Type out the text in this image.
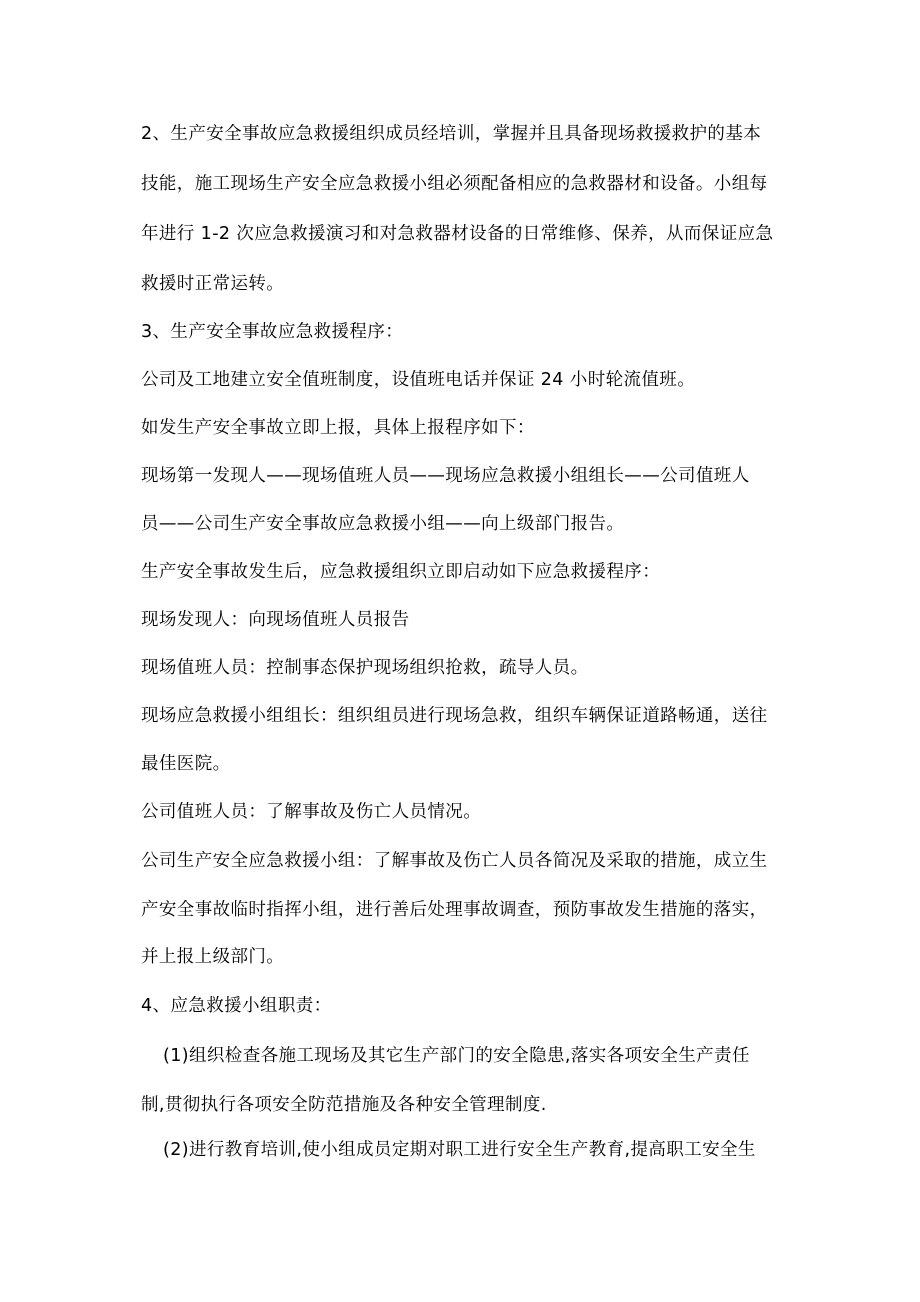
2、生产安全事故应急救援组织成员经培训，掌握并且具备现场救援救护的基本
技能，施工现场生产安全应急救援小组必须配备相应的急救器材和设备。小组每
年进行 1-2 次应急救援演习和对急救器材设备的日常维修、保养，从而保证应急
救援时正常运转。
3、生产安全事故应急救援程序：
公司及工地建立安全值班制度，设值班电话并保证 24 小时轮流值班。
如发生产安全事故立即上报，具体上报程序如下：
现场第一发现人——现场值班人员——现场应急救援小组组长——公司值班人
员——公司生产安全事故应急救援小组——向上级部门报告。
生产安全事故发生后，应急救援组织立即启动如下应急救援程序：
现场发现人：向现场值班人员报告
现场值班人员：控制事态保护现场组织抢救，疏导人员。
现场应急救援小组组长：组织组员进行现场急救，组织车辆保证道路畅通，送往
最佳医院。
公司值班人员：了解事故及伤亡人员情况。
公司生产安全应急救援小组：了解事故及伤亡人员各简况及采取的措施，成立生
产安全事故临时指挥小组，进行善后处理事故调查，预防事故发生措施的落实，
并上报上级部门。
4、应急救援小组职责：
(1)组织检查各施工现场及其它生产部门的安全隐患,落实各项安全生产责任
制,贯彻执行各项安全防范措施及各种安全管理制度.
(2)进行教育培训,使小组成员定期对职工进行安全生产教育,提高职工安全生
